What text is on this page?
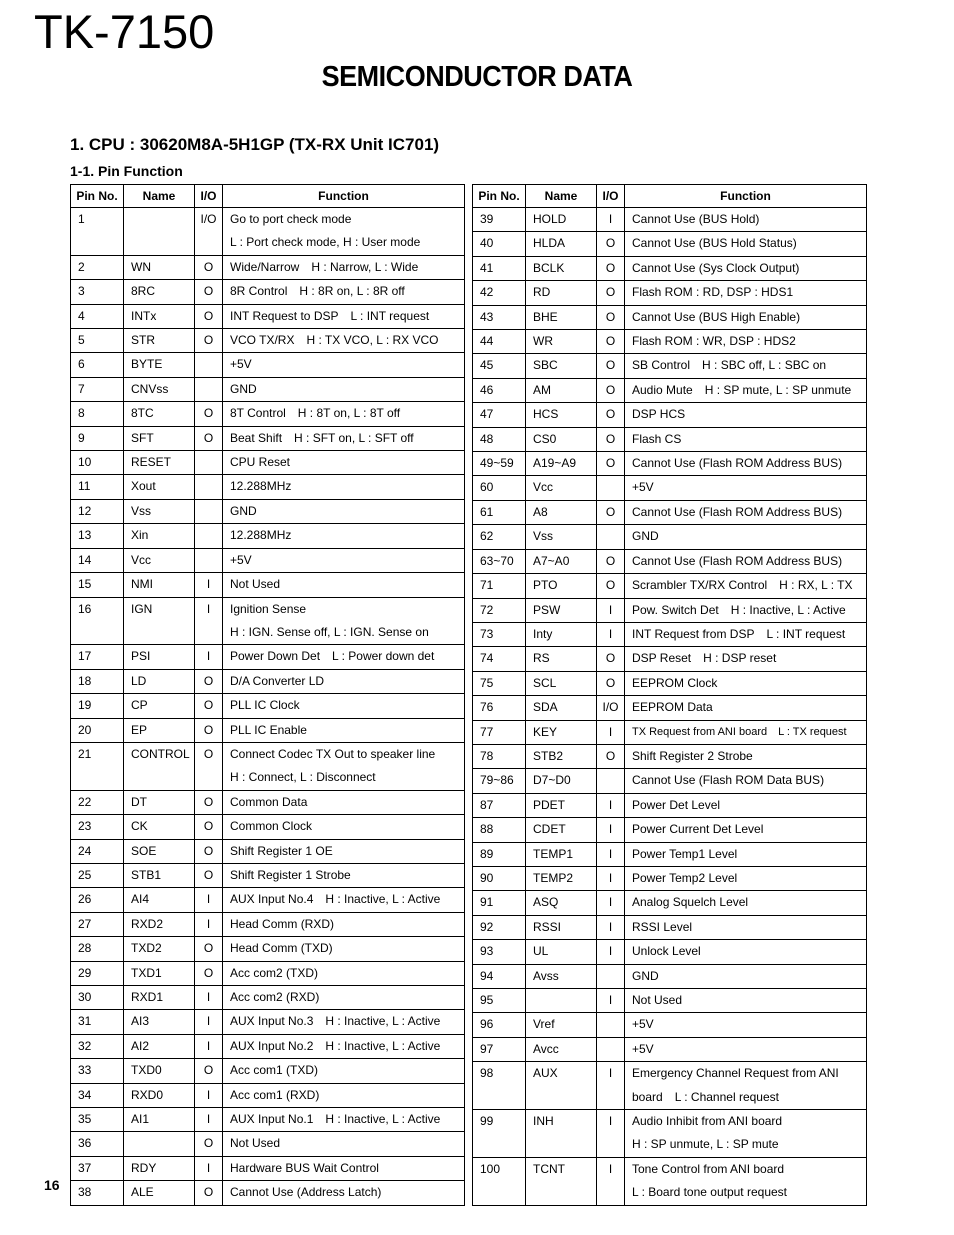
TK-7150
SEMICONDUCTOR DATA
1. CPU : 30620M8A-5H1GP (TX-RX Unit IC701)
1-1. Pin Function
Pin No.	Name	I/O	Function
1		I/O	Go to port check mode
L : Port check mode, H : User mode

2	WN	O	Wide/Narrow H : Narrow, L : Wide

3	8RC	O	8R Control H : 8R on, L : 8R off

4	INTx	O	INT Request to DSP L : INT request

5	STR	O	VCO TX/RX H : TX VCO, L : RX VCO

6	BYTE		+5V

7	CNVss		GND

8	8TC	O	8T Control H : 8T on, L : 8T off

9	SFT	O	Beat Shift H : SFT on, L : SFT off

10	RESET		CPU Reset

11	Xout		12.288MHz

12	Vss		GND

13	Xin		12.288MHz

14	Vcc		+5V

15	NMI	I	Not Used

16	IGN	I	Ignition Sense
H : IGN. Sense off, L : IGN. Sense on

17	PSI	I	Power Down Det L : Power down det

18	LD	O	D/A Converter LD

19	CP	O	PLL IC Clock

20	EP	O	PLL IC Enable

21	CONTROL	O	Connect Codec TX Out to speaker line
H : Connect, L : Disconnect

22	DT	O	Common Data

23	CK	O	Common Clock

24	SOE	O	Shift Register 1 OE

25	STB1	O	Shift Register 1 Strobe

26	AI4	I	AUX Input No.4 H : Inactive, L : Active

27	RXD2	I	Head Comm (RXD)

28	TXD2	O	Head Comm (TXD)

29	TXD1	O	Acc com2 (TXD)

30	RXD1	I	Acc com2 (RXD)

31	AI3	I	AUX Input No.3 H : Inactive, L : Active

32	AI2	I	AUX Input No.2 H : Inactive, L : Active

33	TXD0	O	Acc com1 (TXD)

34	RXD0	I	Acc com1 (RXD)

35	AI1	I	AUX Input No.1 H : Inactive, L : Active

36		O	Not Used

37	RDY	I	Hardware BUS Wait Control

38	ALE	O	Cannot Use (Address Latch)
Pin No.	Name	I/O	Function
39	HOLD	I	Cannot Use (BUS Hold)

40	HLDA	O	Cannot Use (BUS Hold Status)

41	BCLK	O	Cannot Use (Sys Clock Output)

42	RD	O	Flash ROM : RD, DSP : HDS1

43	BHE	O	Cannot Use (BUS High Enable)

44	WR	O	Flash ROM : WR, DSP : HDS2

45	SBC	O	SB Control H : SBC off, L : SBC on

46	AM	O	Audio Mute H : SP mute, L : SP unmute

47	HCS	O	DSP HCS

48	CS0	O	Flash CS

49~59	A19~A9	O	Cannot Use (Flash ROM Address BUS)

60	Vcc		+5V

61	A8	O	Cannot Use (Flash ROM Address BUS)

62	Vss		GND

63~70	A7~A0	O	Cannot Use (Flash ROM Address BUS)

71	PTO	O	Scrambler TX/RX Control H : RX, L : TX

72	PSW	I	Pow. Switch Det H : Inactive, L : Active

73	Inty	I	INT Request from DSP L : INT request

74	RS	O	DSP Reset H : DSP reset

75	SCL	O	EEPROM Clock

76	SDA	I/O	EEPROM Data

77	KEY	I	TX Request from ANI board L : TX request

78	STB2	O	Shift Register 2 Strobe

79~86	D7~D0		Cannot Use (Flash ROM Data BUS)

87	PDET	I	Power Det Level

88	CDET	I	Power Current Det Level

89	TEMP1	I	Power Temp1 Level

90	TEMP2	I	Power Temp2 Level

91	ASQ	I	Analog Squelch Level

92	RSSI	I	RSSI Level

93	UL	I	Unlock Level

94	Avss		GND

95		I	Not Used

96	Vref		+5V

97	Avcc		+5V

98	AUX	I	Emergency Channel Request from ANI
board L : Channel request

99	INH	I	Audio Inhibit from ANI board
H : SP unmute, L : SP mute

100	TCNT	I	Tone Control from ANI board
L : Board tone output request
16
